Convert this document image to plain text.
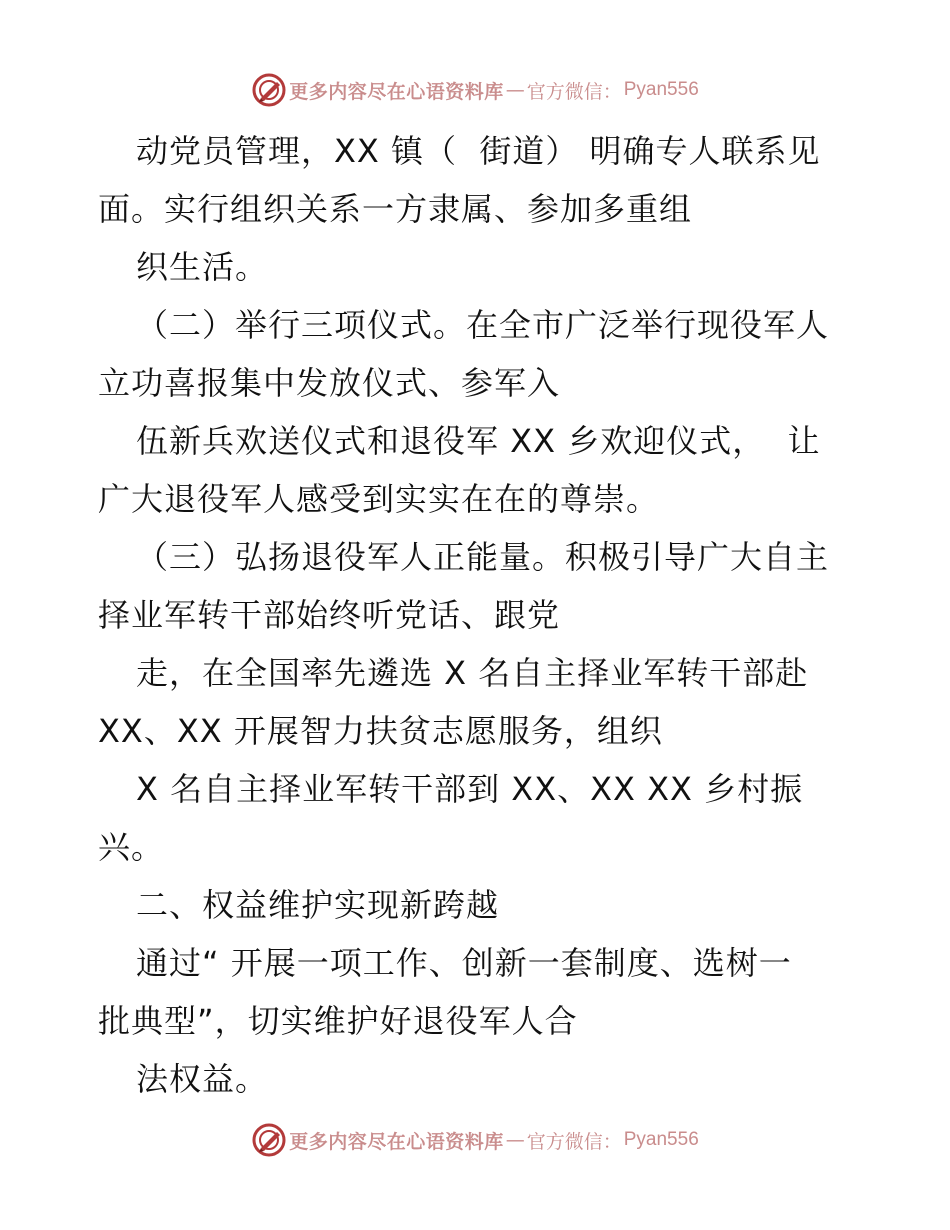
更多内容尽在心语资料库 — 官方微信： Pyan556
动党员管理，XX 镇（  街道） 明确专人联系见
面。实行组织关系一方隶属、参加多重组
织生活。
（二）举行三项仪式。在全市广泛举行现役军人
立功喜报集中发放仪式、参军入
伍新兵欢送仪式和退役军 XX 乡欢迎仪式，  让
广大退役军人感受到实实在在的尊崇。
（三）弘扬退役军人正能量。积极引导广大自主
择业军转干部始终听党话、跟党
走，在全国率先遴选 X 名自主择业军转干部赴
XX、XX 开展智力扶贫志愿服务，组织
X 名自主择业军转干部到 XX、XX XX 乡村振
兴。
二、权益维护实现新跨越
通过“ 开展一项工作、创新一套制度、选树一
批典型”，切实维护好退役军人合
法权益。
更多内容尽在心语资料库 — 官方微信： Pyan556
